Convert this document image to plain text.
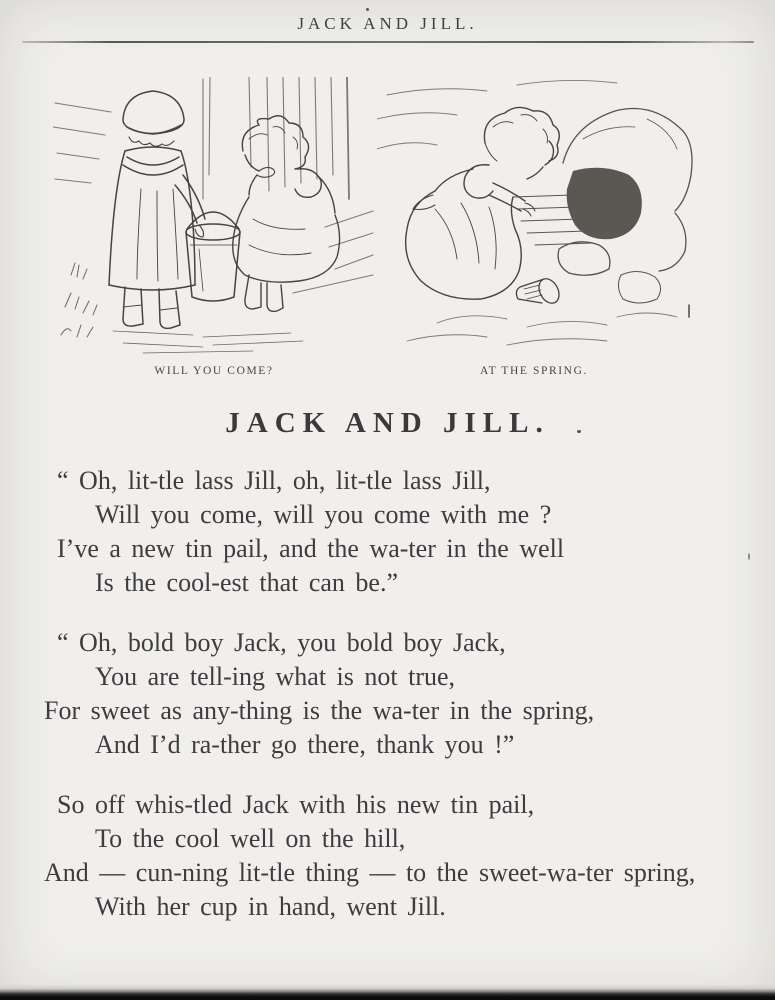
JACK AND JILL.
WILL YOU COME?	AT THE SPRING.
JACK AND JILL.

“ Oh, lit-tle lass Jill, oh, lit-tle lass Jill,

Will you come, will you come with me ?

I’ve a new tin pail, and the wa-ter in the well

Is the cool-est that can be.”

“ Oh, bold boy Jack, you bold boy Jack,

You are tell-ing what is not true,

For sweet as any-thing is the wa-ter in the spring,

And I’d ra-ther go there, thank you !”

So off whis-tled Jack with his new tin pail,

To the cool well on the hill,

And — cun-ning lit-tle thing — to the sweet-wa-ter spring,

With her cup in hand, went Jill.
